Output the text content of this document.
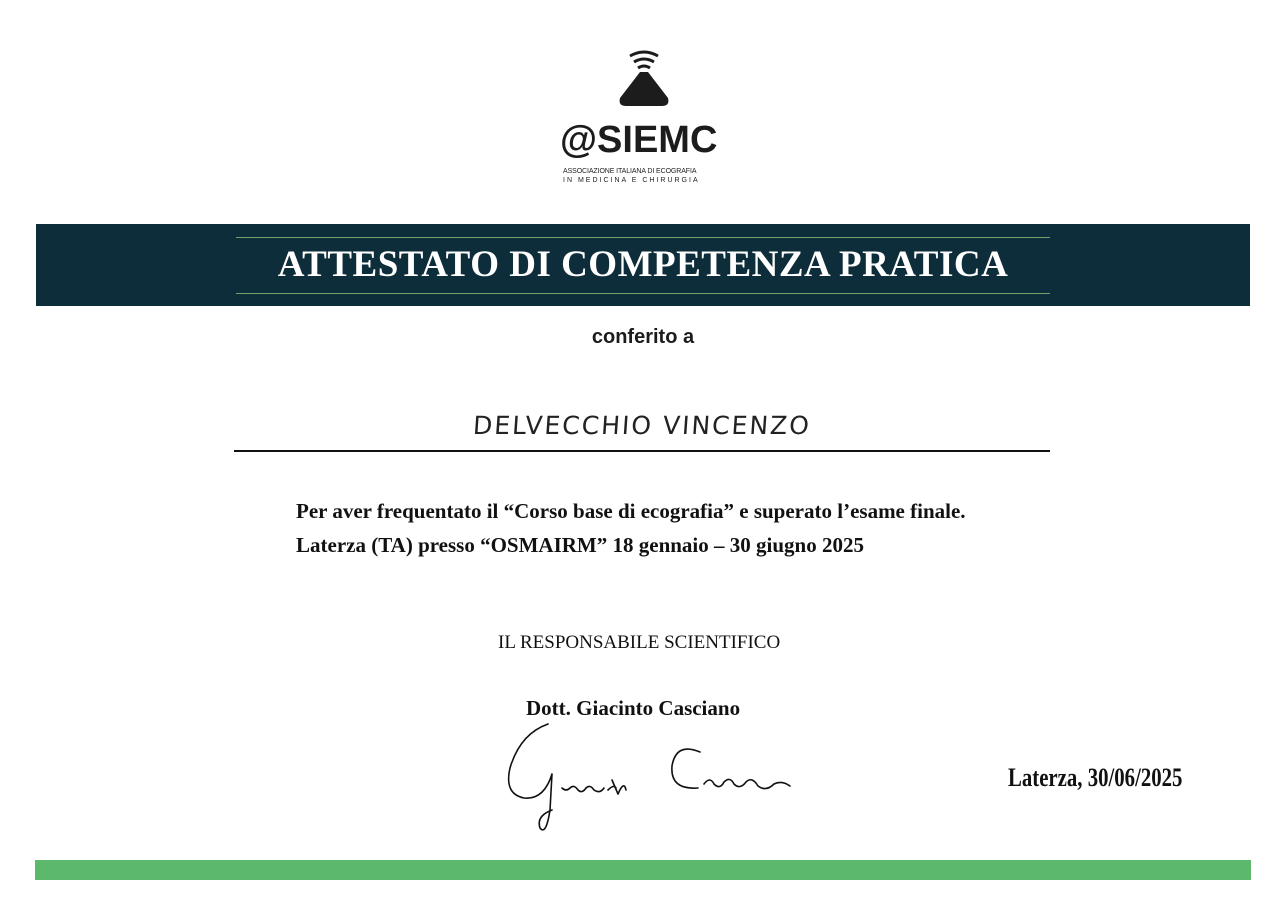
@SIEMC
ASSOCIAZIONE ITALIANA DI ECOGRAFIA
IN MEDICINA E CHIRURGIA
ATTESTATO DI COMPETENZA PRATICA
conferito a
DELVECCHIO VINCENZO
Per aver frequentato il “Corso base di ecografia” e superato l’esame finale.
Laterza (TA) presso “OSMAIRM” 18 gennaio – 30 giugno 2025
IL RESPONSABILE SCIENTIFICO
Dott. Giacinto Casciano
Laterza, 30/06/2025
